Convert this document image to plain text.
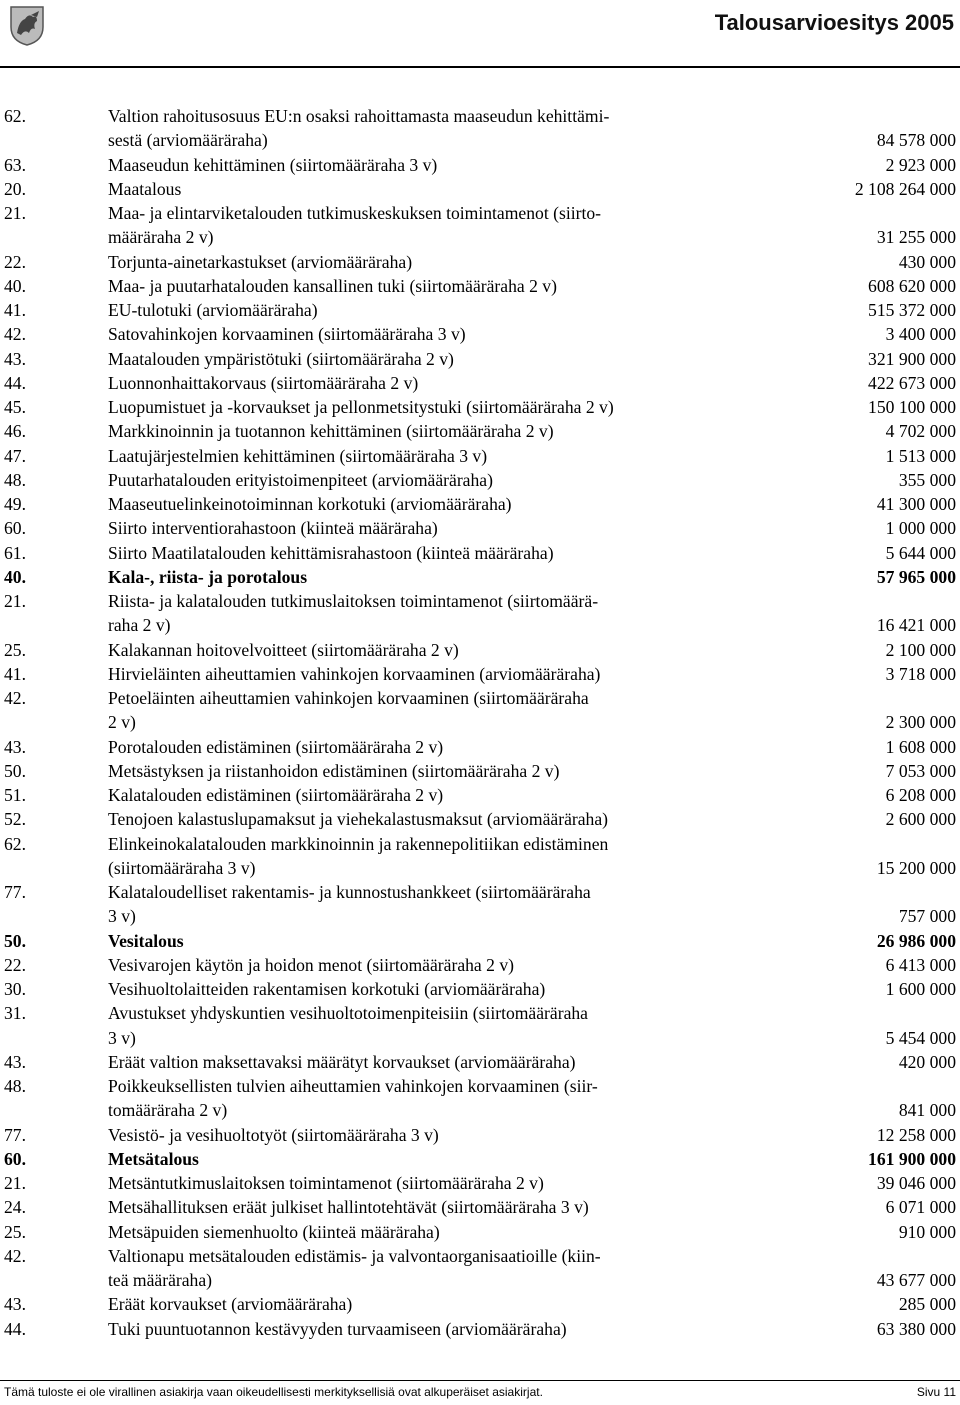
Talousarvioesitys 2005
62.	Valtion rahoitusosuus EU:n osaksi rahoittamasta maaseudun kehittämi-
sestä (arviomääräraha)	84 578 000
63.	Maaseudun kehittäminen (siirtomääräraha 3 v)	2 923 000
20.	Maatalous	2 108 264 000
21.	Maa- ja elintarviketalouden tutkimuskeskuksen toimintamenot (siirto-
määräraha 2 v)	31 255 000
22.	Torjunta-ainetarkastukset (arviomääräraha)	430 000
40.	Maa- ja puutarhatalouden kansallinen tuki (siirtomääräraha 2 v)	608 620 000
41.	EU-tulotuki (arviomääräraha)	515 372 000
42.	Satovahinkojen korvaaminen (siirtomääräraha 3 v)	3 400 000
43.	Maatalouden ympäristötuki (siirtomääräraha 2 v)	321 900 000
44.	Luonnonhaittakorvaus (siirtomääräraha 2 v)	422 673 000
45.	Luopumistuet ja -korvaukset ja pellonmetsitystuki (siirtomääräraha 2 v)	150 100 000
46.	Markkinoinnin ja tuotannon kehittäminen (siirtomääräraha 2 v)	4 702 000
47.	Laatujärjestelmien kehittäminen (siirtomääräraha 3 v)	1 513 000
48.	Puutarhatalouden erityistoimenpiteet (arviomääräraha)	355 000
49.	Maaseutuelinkeinotoiminnan korkotuki (arviomääräraha)	41 300 000
60.	Siirto interventiorahastoon (kiinteä määräraha)	1 000 000
61.	Siirto Maatilatalouden kehittämisrahastoon (kiinteä määräraha)	5 644 000
40.	Kala-, riista- ja porotalous	57 965 000
21.	Riista- ja kalatalouden tutkimuslaitoksen toimintamenot (siirtomäärä-
raha 2 v)	16 421 000
25.	Kalakannan hoitovelvoitteet (siirtomääräraha 2 v)	2 100 000
41.	Hirvieläinten aiheuttamien vahinkojen korvaaminen (arviomääräraha)	3 718 000
42.	Petoeläinten aiheuttamien vahinkojen korvaaminen (siirtomääräraha
2 v)	2 300 000
43.	Porotalouden edistäminen (siirtomääräraha 2 v)	1 608 000
50.	Metsästyksen ja riistanhoidon edistäminen (siirtomääräraha 2 v)	7 053 000
51.	Kalatalouden edistäminen (siirtomääräraha 2 v)	6 208 000
52.	Tenojoen kalastuslupamaksut ja viehekalastusmaksut (arviomääräraha)	2 600 000
62.	Elinkeinokalatalouden markkinoinnin ja rakennepolitiikan edistäminen
(siirtomääräraha 3 v)	15 200 000
77.	Kalataloudelliset rakentamis- ja kunnostushankkeet (siirtomääräraha
3 v)	757 000
50.	Vesitalous	26 986 000
22.	Vesivarojen käytön ja hoidon menot (siirtomääräraha 2 v)	6 413 000
30.	Vesihuoltolaitteiden rakentamisen korkotuki (arviomääräraha)	1 600 000
31.	Avustukset yhdyskuntien vesihuoltotoimenpiteisiin (siirtomääräraha
3 v)	5 454 000
43.	Eräät valtion maksettavaksi määrätyt korvaukset (arviomääräraha)	420 000
48.	Poikkeuksellisten tulvien aiheuttamien vahinkojen korvaaminen (siir-
tomääräraha 2 v)	841 000
77.	Vesistö- ja vesihuoltotyöt (siirtomääräraha 3 v)	12 258 000
60.	Metsätalous	161 900 000
21.	Metsäntutkimuslaitoksen toimintamenot (siirtomääräraha 2 v)	39 046 000
24.	Metsähallituksen eräät julkiset hallintotehtävät (siirtomääräraha 3 v)	6 071 000
25.	Metsäpuiden siemenhuolto (kiinteä määräraha)	910 000
42.	Valtionapu metsätalouden edistämis- ja valvontaorganisaatioille (kiin-
teä määräraha)	43 677 000
43.	Eräät korvaukset (arviomääräraha)	285 000
44.	Tuki puuntuotannon kestävyyden turvaamiseen (arviomääräraha)	63 380 000
Tämä tuloste ei ole virallinen asiakirja vaan oikeudellisesti merkityksellisiä ovat alkuperäiset asiakirjat.	Sivu 11
